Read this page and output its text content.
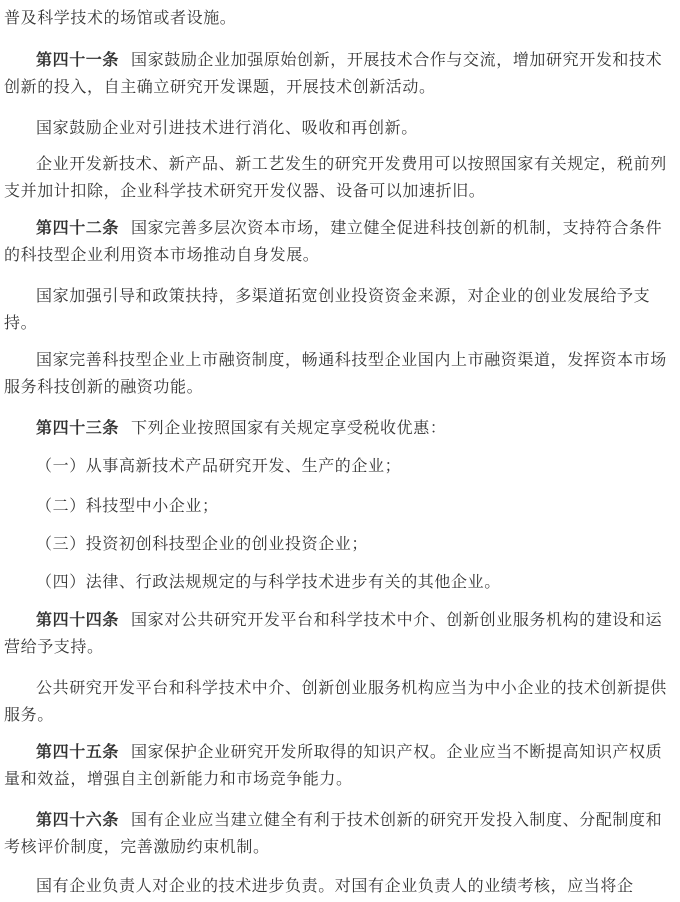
普及科学技术的场馆或者设施。

第四十一条 国家鼓励企业加强原始创新，开展技术合作与交流，增加研究开发和技术创新的投入，自主确立研究开发课题，开展技术创新活动。

国家鼓励企业对引进技术进行消化、吸收和再创新。

企业开发新技术、新产品、新工艺发生的研究开发费用可以按照国家有关规定，税前列支并加计扣除，企业科学技术研究开发仪器、设备可以加速折旧。

第四十二条 国家完善多层次资本市场，建立健全促进科技创新的机制，支持符合条件的科技型企业利用资本市场推动自身发展。

国家加强引导和政策扶持，多渠道拓宽创业投资资金来源，对企业的创业发展给予支持。

国家完善科技型企业上市融资制度，畅通科技型企业国内上市融资渠道，发挥资本市场服务科技创新的融资功能。

第四十三条 下列企业按照国家有关规定享受税收优惠：

（一）从事高新技术产品研究开发、生产的企业；

（二）科技型中小企业；

（三）投资初创科技型企业的创业投资企业；

（四）法律、行政法规规定的与科学技术进步有关的其他企业。

第四十四条 国家对公共研究开发平台和科学技术中介、创新创业服务机构的建设和运营给予支持。

公共研究开发平台和科学技术中介、创新创业服务机构应当为中小企业的技术创新提供服务。

第四十五条 国家保护企业研究开发所取得的知识产权。企业应当不断提高知识产权质量和效益，增强自主创新能力和市场竞争能力。

第四十六条 国有企业应当建立健全有利于技术创新的研究开发投入制度、分配制度和考核评价制度，完善激励约束机制。

国有企业负责人对企业的技术进步负责。对国有企业负责人的业绩考核，应当将企
